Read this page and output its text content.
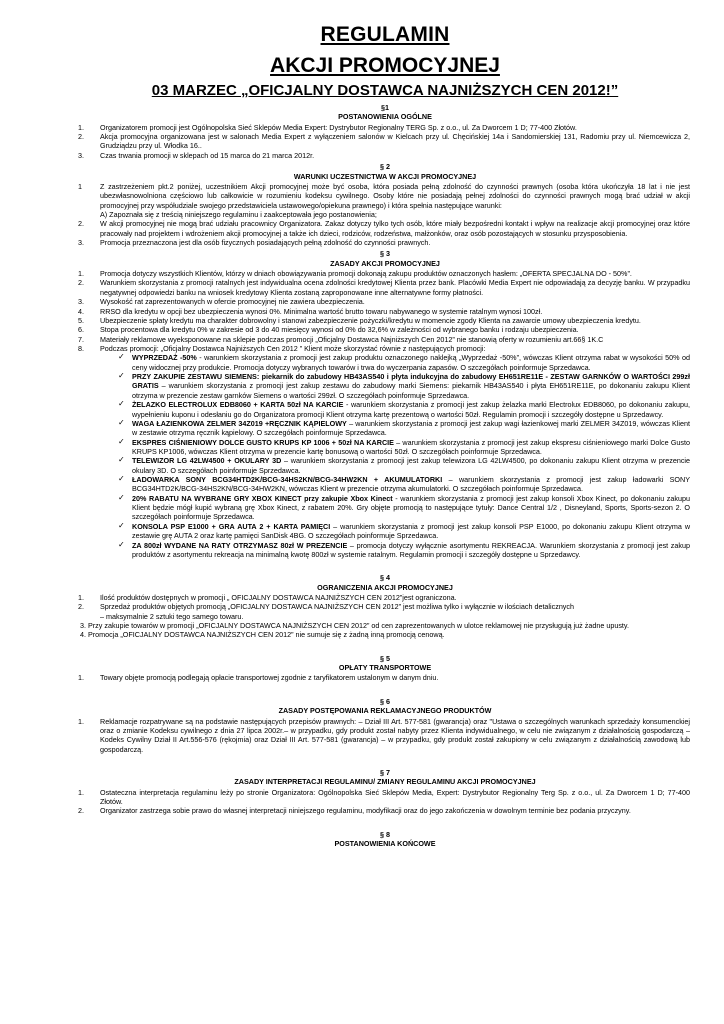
REGULAMIN
AKCJI PROMOCYJNEJ
03 MARZEC „OFICJALNY DOSTAWCA NAJNIŻSZYCH CEN 2012!”
§1
POSTANOWIENIA OGÓLNE
1. Organizatorem promocji jest Ogólnopolska Sieć Sklepów Media Expert: Dystrybutor Regionalny TERG Sp. z o.o., ul. Za Dworcem 1 D; 77-400 Złotów.
2. Akcja promocyjna organizowana jest w salonach Media Expert z wyłączeniem salonów w Kielcach przy ul. Chęcińskiej 14a i Sandomierskiej 131, Radomiu przy ul. Niemcewicza 2, Grudziądzu przy ul. Włodka 16..
3. Czas trwania promocji w sklepach od 15 marca do 21 marca 2012r.
§ 2
WARUNKI UCZESTNICTWA W AKCJI PROMOCYJNEJ
1	Z zastrzeżeniem pkt.2 poniżej, uczestnikiem Akcji promocyjnej może być osoba, która posiada pełną zdolność do czynności prawnych (osoba która ukończyła 18 lat i nie jest ubezwłasnowolniona częściowo lub całkowicie w rozumieniu kodeksu cywilnego. Osoby które nie posiadają pełnej zdolności do czynności prawnych mogą brać udział w akcji promocyjnej przy współudziale swojego przedstawiciela ustawowego/opiekuna prawnego) i która spełnia następujące warunki:
A) Zapoznała się z treścią niniejszego regulaminu i zaakceptowała jego postanowienia;
2. W akcji promocyjnej nie mogą brać udziału pracownicy Organizatora. Zakaz dotyczy tylko tych osób, które miały bezpośredni kontakt i wpływ na realizacje akcji promocyjnej oraz które pracowały nad projektem i wdrożeniem akcji promocyjnej a także ich dzieci, rodziców, rodzeństwa, małżonków, oraz osób pozostających w stosunku przysposobienia.
3. Promocja przeznaczona jest dla osób fizycznych posiadających pełną zdolność do czynności prawnych.
§ 3
ZASADY AKCJI PROMOCYJNEJ
1. Promocja dotyczy wszystkich Klientów, którzy w dniach obowiązywania promocji dokonają zakupu produktów oznaczonych hasłem: „OFERTA SPECJALNA DO - 50%”.
2. Warunkiem skorzystania z promocji ratalnych jest indywidualna ocena zdolności kredytowej Klienta przez bank. Placówki Media Expert nie odpowiadają za decyzję banku. W przypadku negatywnej odpowiedzi banku na wniosek kredytowy Klienta zostaną zaproponowane inne alternatywne formy płatności.
3. Wysokość rat zaprezentowanych w ofercie promocyjnej nie zawiera ubezpieczenia.
4. RRSO dla kredytu w opcji bez ubezpieczenia wynosi 0%. Minimalna wartość brutto towaru nabywanego w systemie ratalnym wynosi 100zł.
5. Ubezpieczenie spłaty kredytu ma charakter dobrowolny i stanowi zabezpieczenie pożyczki/kredytu w momencie zgody Klienta na zawarcie umowy ubezpieczenia kredytu.
6. Stopa procentowa dla kredytu 0% w zakresie od 3 do 40 miesięcy wynosi od 0% do 32,6% w zależności od wybranego banku i rodzaju ubezpieczenia.
7. Materiały reklamowe wyeksponowane na sklepie podczas promocji „Oficjalny Dostawca Najniższych Cen 2012” nie stanowią oferty w rozumieniu art.66§ 1K.C
8. Podczas promocji: „Oficjalny Dostawca Najniższych Cen 2012 ” Klient może skorzystać równie z następujących promocji:
✓ WYPRZEDAŻ -50% - warunkiem skorzystania z promocji jest zakup produktu oznaczonego naklejką „Wyprzedaż -50%”, wówczas Klient otrzyma rabat w wysokości 50% od ceny widocznej przy produkcie. Promocja dotyczy wybranych towarów i trwa do wyczerpania zapasów. O szczegółach poinformuje Sprzedawca.
✓ PRZY ZAKUPIE ZESTAWU SIEMENS: piekarnik do zabudowy HB43AS540 i płyta indukcyjna do zabudowy EH651RE11E - ZESTAW GARNKÓW O WARTOŚCI 299zł GRATIS – warunkiem skorzystania z promocji jest zakup zestawu do zabudowy marki Siemens: piekarnik HB43AS540 i płyta EH651RE11E, po dokonaniu zakupu Klient otrzyma w prezencie zestaw garnków Siemens o wartości 299zł. O szczegółach poinformuje Sprzedawca.
✓ ŻELAZKO ELECTROLUX EDB8060 + KARTA 50zł NA KARCIE - warunkiem skorzystania z promocji jest zakup żelazka marki Electrolux EDB8060, po dokonaniu zakupu, wypełnieniu kuponu i odesłaniu go do Organizatora promocji Klient otrzyma kartę prezentową o wartości 50zł. Regulamin promocji i szczegóły dostępne u Sprzedawcy.
✓ WAGA ŁAZIENKOWA ZELMER 34Z019 +RĘCZNIK KĄPIELOWY – warunkiem skorzystania z promocji jest zakup wagi łazienkowej marki ZELMER 34Z019, wówczas Klient w zestawie otrzyma ręcznik kąpielowy. O szczegółach poinformuje Sprzedawca.
✓ EKSPRES CIŚNIENIOWY DOLCE GUSTO KRUPS KP 1006 + 50zł NA KARCIE – warunkiem skorzystania z promocji jest zakup ekspresu ciśnieniowego marki Dolce Gusto KRUPS KP1006, wówczas Klient otrzyma w prezencie kartę bonusową o wartości 50zł. O szczegółach poinformuje Sprzedawca.
✓ TELEWIZOR LG 42LW4500 + OKULARY 3D – warunkiem skorzystania z promocji jest zakup telewizora LG 42LW4500, po dokonaniu zakupu Klient otrzyma w prezencie okulary 3D. O szczegółach poinformuje Sprzedawca.
✓ ŁADOWARKA SONY BCG34HTD2K/BCG-34HS2KN/BCG-34HW2KN + AKUMULATORKI – warunkiem skorzystania z promocji jest zakup ładowarki SONY BCG34HTD2K/BCG-34HS2KN/BCG-34HW2KN, wówczas Klient w prezencie otrzyma akumulatorki. O szczegółach poinformuje Sprzedawca.
✓ 20% RABATU NA WYBRANE GRY XBOX KINECT przy zakupie Xbox Kinect - warunkiem skorzystania z promocji jest zakup konsoli Xbox Kinect, po dokonaniu zakupu Klient będzie mógł kupić wybraną grę Xbox Kinect, z rabatem 20%. Gry objęte promocją to następujące tytuły: Dance Central 1/2 , Disneyland, Sports, Sports-sezon 2. O szczegółach poinformuje Sprzedawca.
✓ KONSOLA PSP E1000 + GRA AUTA 2 + KARTA PAMIĘCI – warunkiem skorzystania z promocji jest zakup konsoli PSP E1000, po dokonaniu zakupu Klient otrzyma w zestawie grę AUTA 2 oraz kartę pamięci SanDisk 4BG. O szczegółach poinformuje Sprzedawca.
✓ ZA 800zł WYDANE NA RATY OTRZYMASZ 80zł W PREZENCIE – promocja dotyczy wyłącznie asortymentu REKREACJA. Warunkiem skorzystania z promocji jest zakup produktów z asortymentu rekreacja na minimalną kwotę 800zł w systemie ratalnym. Regulamin promocji i szczegóły dostępne u Sprzedawcy.
§ 4
OGRANICZENIA AKCJI PROMOCYJNEJ
1. Ilość produktów dostępnych w promocji „ OFICJALNY DOSTAWCA NAJNIŻSZYCH CEN 2012”jest ograniczona.
2. Sprzedaż produktów objętych promocją „OFICJALNY DOSTAWCA NAJNIŻSZYCH CEN 2012” jest możliwa tylko i wyłącznie w ilościach detalicznych
– maksymalnie 2 sztuki tego samego towaru.
3. Przy zakupie towarów w promocji „OFICJALNY DOSTAWCA NAJNIŻSZYCH CEN 2012” od cen zaprezentowanych w ulotce reklamowej nie przysługują już żadne upusty.
4. Promocja „OFICJALNY DOSTAWCA NAJNIŻSZYCH CEN 2012” nie sumuje się z żadną inną promocją cenową.
§ 5
OPŁATY TRANSPORTOWE
1. Towary objęte promocją podlegają opłacie transportowej zgodnie z taryfikatorem ustalonym w danym dniu.
§ 6
ZASADY POSTĘPOWANIA REKLAMACYJNEGO PRODUKTÓW
1. Reklamacje rozpatrywane są na podstawie następujących przepisów prawnych: – Dział III Art. 577-581 (gwarancja) oraz "Ustawa o szczególnych warunkach sprzedaży konsumenckiej oraz o zmianie Kodeksu cywilnego z dnia 27 lipca 2002r.– w przypadku, gdy produkt został nabyty przez Klienta indywidualnego, w celu nie związanym z działalnością gospodarczą – Kodeks Cywilny Dział II Art.556-576 (rękojmia) oraz Dział III Art. 577-581 (gwarancja) – w przypadku, gdy produkt został zakupiony w celu związanym z działalnością zawodową lub gospodarczą.
§ 7
ZASADY INTERPRETACJI REGULAMINU/ ZMIANY REGULAMINU AKCJI PROMOCYJNEJ
1. Ostateczna interpretacja regulaminu leży po stronie Organizatora: Ogólnopolska Sieć Sklepów Media, Expert: Dystrybutor Regionalny Terg Sp. z o.o., ul. Za Dworcem 1 D; 77-400 Złotów.
2. Organizator zastrzega sobie prawo do własnej interpretacji niniejszego regulaminu, modyfikacji oraz do jego zakończenia w dowolnym terminie bez podania przyczyny.
§ 8
POSTANOWIENIA KOŃCOWE
